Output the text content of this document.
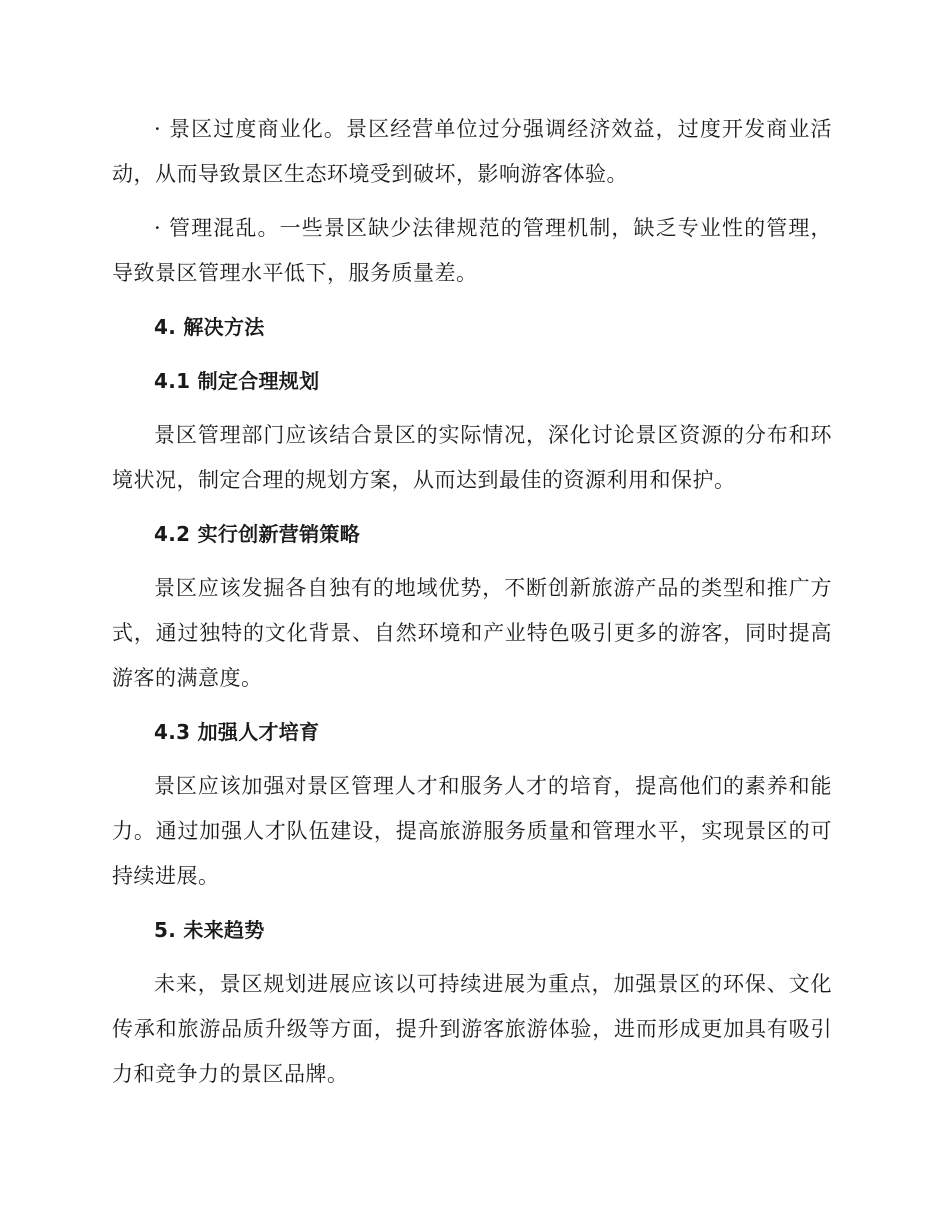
· 景区过度商业化。景区经营单位过分强调经济效益，过度开发商业活动，从而导致景区生态环境受到破坏，影响游客体验。

· 管理混乱。一些景区缺少法律规范的管理机制，缺乏专业性的管理，导致景区管理水平低下，服务质量差。

4. 解决方法

4.1 制定合理规划

景区管理部门应该结合景区的实际情况，深化讨论景区资源的分布和环境状况，制定合理的规划方案，从而达到最佳的资源利用和保护。

4.2 实行创新营销策略

景区应该发掘各自独有的地域优势，不断创新旅游产品的类型和推广方式，通过独特的文化背景、自然环境和产业特色吸引更多的游客，同时提高游客的满意度。

4.3 加强人才培育

景区应该加强对景区管理人才和服务人才的培育，提高他们的素养和能力。通过加强人才队伍建设，提高旅游服务质量和管理水平，实现景区的可持续进展。

5. 未来趋势

未来，景区规划进展应该以可持续进展为重点，加强景区的环保、文化传承和旅游品质升级等方面，提升到游客旅游体验，进而形成更加具有吸引力和竞争力的景区品牌。
